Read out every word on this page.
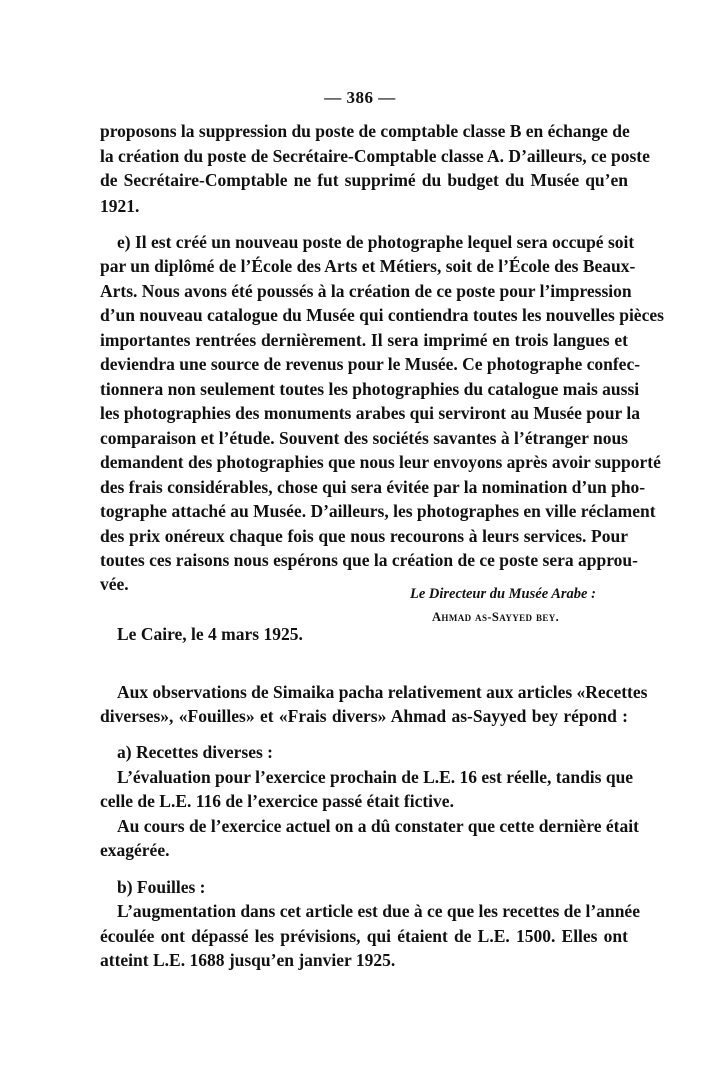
— 386 —
proposons la suppression du poste de comptable classe B en échange de
la création du poste de Secrétaire-Comptable classe A. D’ailleurs, ce poste
de Secrétaire-Comptable ne fut supprimé du budget du Musée qu’en
1921.
e) Il est créé un nouveau poste de photographe lequel sera occupé soit
par un diplômé de l’École des Arts et Métiers, soit de l’École des Beaux-
Arts. Nous avons été poussés à la création de ce poste pour l’impression
d’un nouveau catalogue du Musée qui contiendra toutes les nouvelles pièces
importantes rentrées dernièrement. Il sera imprimé en trois langues et
deviendra une source de revenus pour le Musée. Ce photographe confec-
tionnera non seulement toutes les photographies du catalogue mais aussi
les photographies des monuments arabes qui serviront au Musée pour la
comparaison et l’étude. Souvent des sociétés savantes à l’étranger nous
demandent des photographies que nous leur envoyons après avoir supporté
des frais considérables, chose qui sera évitée par la nomination d’un pho-
tographe attaché au Musée. D’ailleurs, les photographes en ville réclament
des prix onéreux chaque fois que nous recourons à leurs services. Pour
toutes ces raisons nous espérons que la création de ce poste sera approu-
vée.
Le Caire, le 4 mars 1925.
Aux observations de Simaika pacha relativement aux articles «Recettes
diverses», «Fouilles» et «Frais divers» Ahmad as-Sayyed bey répond :
a) Recettes diverses :
L’évaluation pour l’exercice prochain de L.E. 16 est réelle, tandis que
celle de L.E. 116 de l’exercice passé était fictive.
Au cours de l’exercice actuel on a dû constater que cette dernière était
exagérée.
b) Fouilles :
L’augmentation dans cet article est due à ce que les recettes de l’année
écoulée ont dépassé les prévisions, qui étaient de L.E. 1500. Elles ont
atteint L.E. 1688 jusqu’en janvier 1925.
Le Directeur du Musée Arabe :
Ahmad as-Sayyed bey.
